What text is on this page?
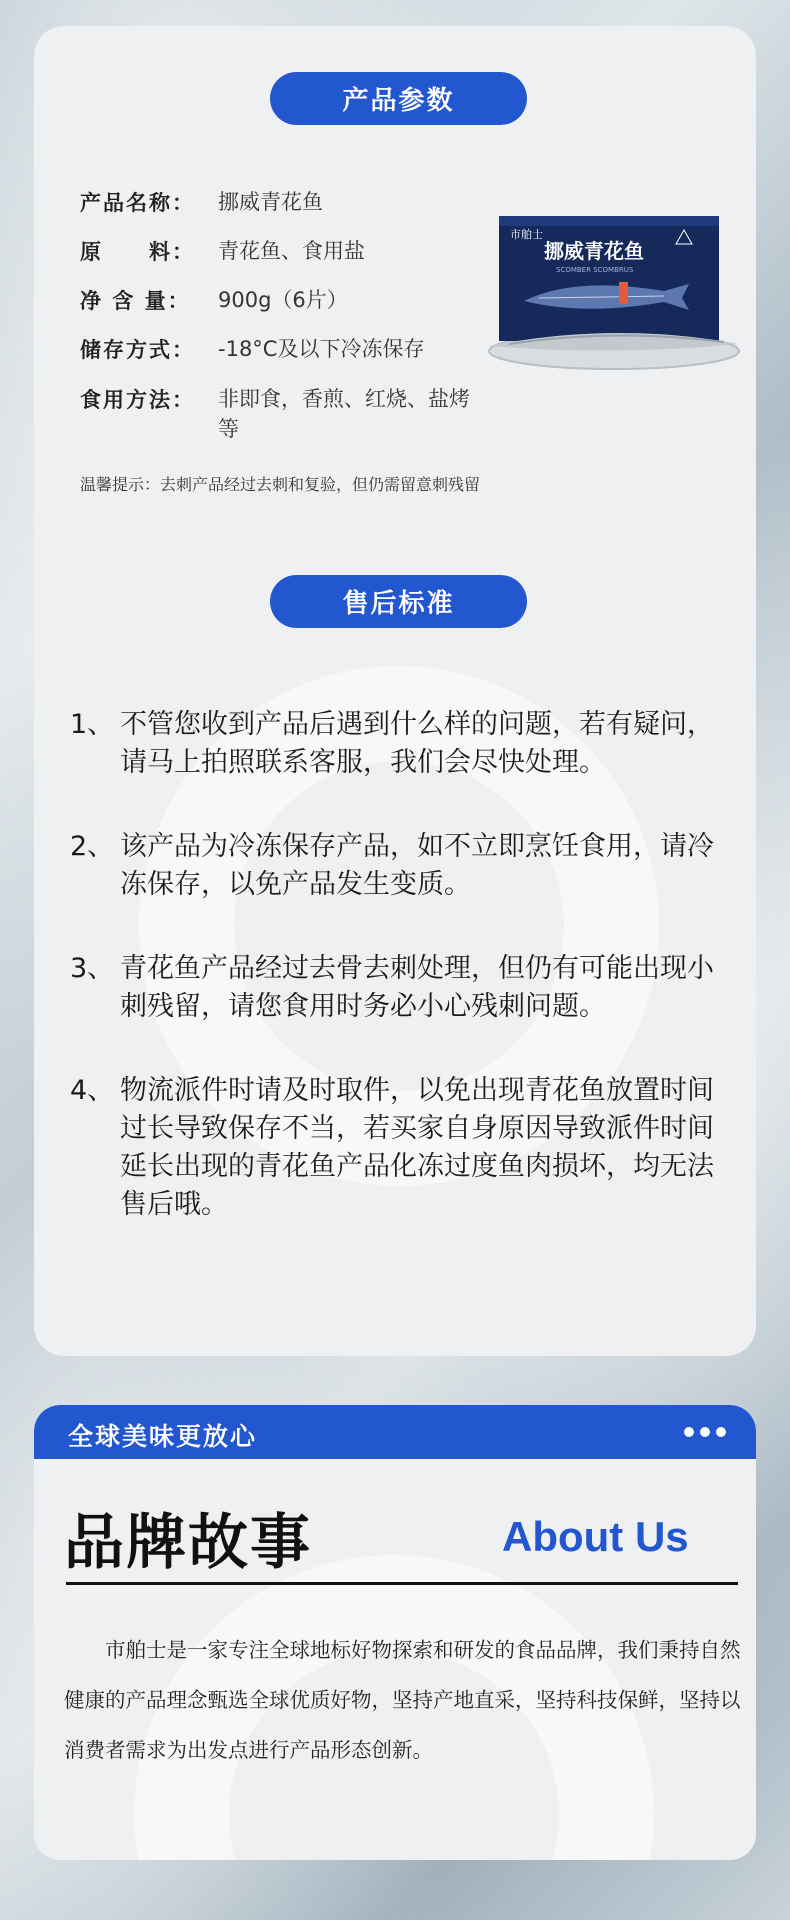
产品参数
产品名称：	挪威青花鱼
原　　料：	青花鱼、食用盐
净 含 量：	900g（6片）
储存方式：	-18°C及以下冷冻保存
食用方法：	非即食，香煎、红烧、盐烤等
温馨提示：去刺产品经过去刺和复验，但仍需留意刺残留
市舶士
挪威青花鱼
SCOMBER SCOMBRUS
售后标准
1、 不管您收到产品后遇到什么样的问题，若有疑问，请马上拍照联系客服，我们会尽快处理。
2、 该产品为冷冻保存产品，如不立即烹饪食用，请冷冻保存，以免产品发生变质。
3、 青花鱼产品经过去骨去刺处理，但仍有可能出现小刺残留，请您食用时务必小心残刺问题。
4、 物流派件时请及时取件，以免出现青花鱼放置时间过长导致保存不当，若买家自身原因导致派件时间延长出现的青花鱼产品化冻过度鱼肉损坏，均无法售后哦。
全球美味更放心
品牌故事	About Us
市舶士是一家专注全球地标好物探索和研发的食品品牌，我们秉持自然健康的产品理念甄选全球优质好物，坚持产地直采，坚持科技保鲜，坚持以消费者需求为出发点进行产品形态创新。
